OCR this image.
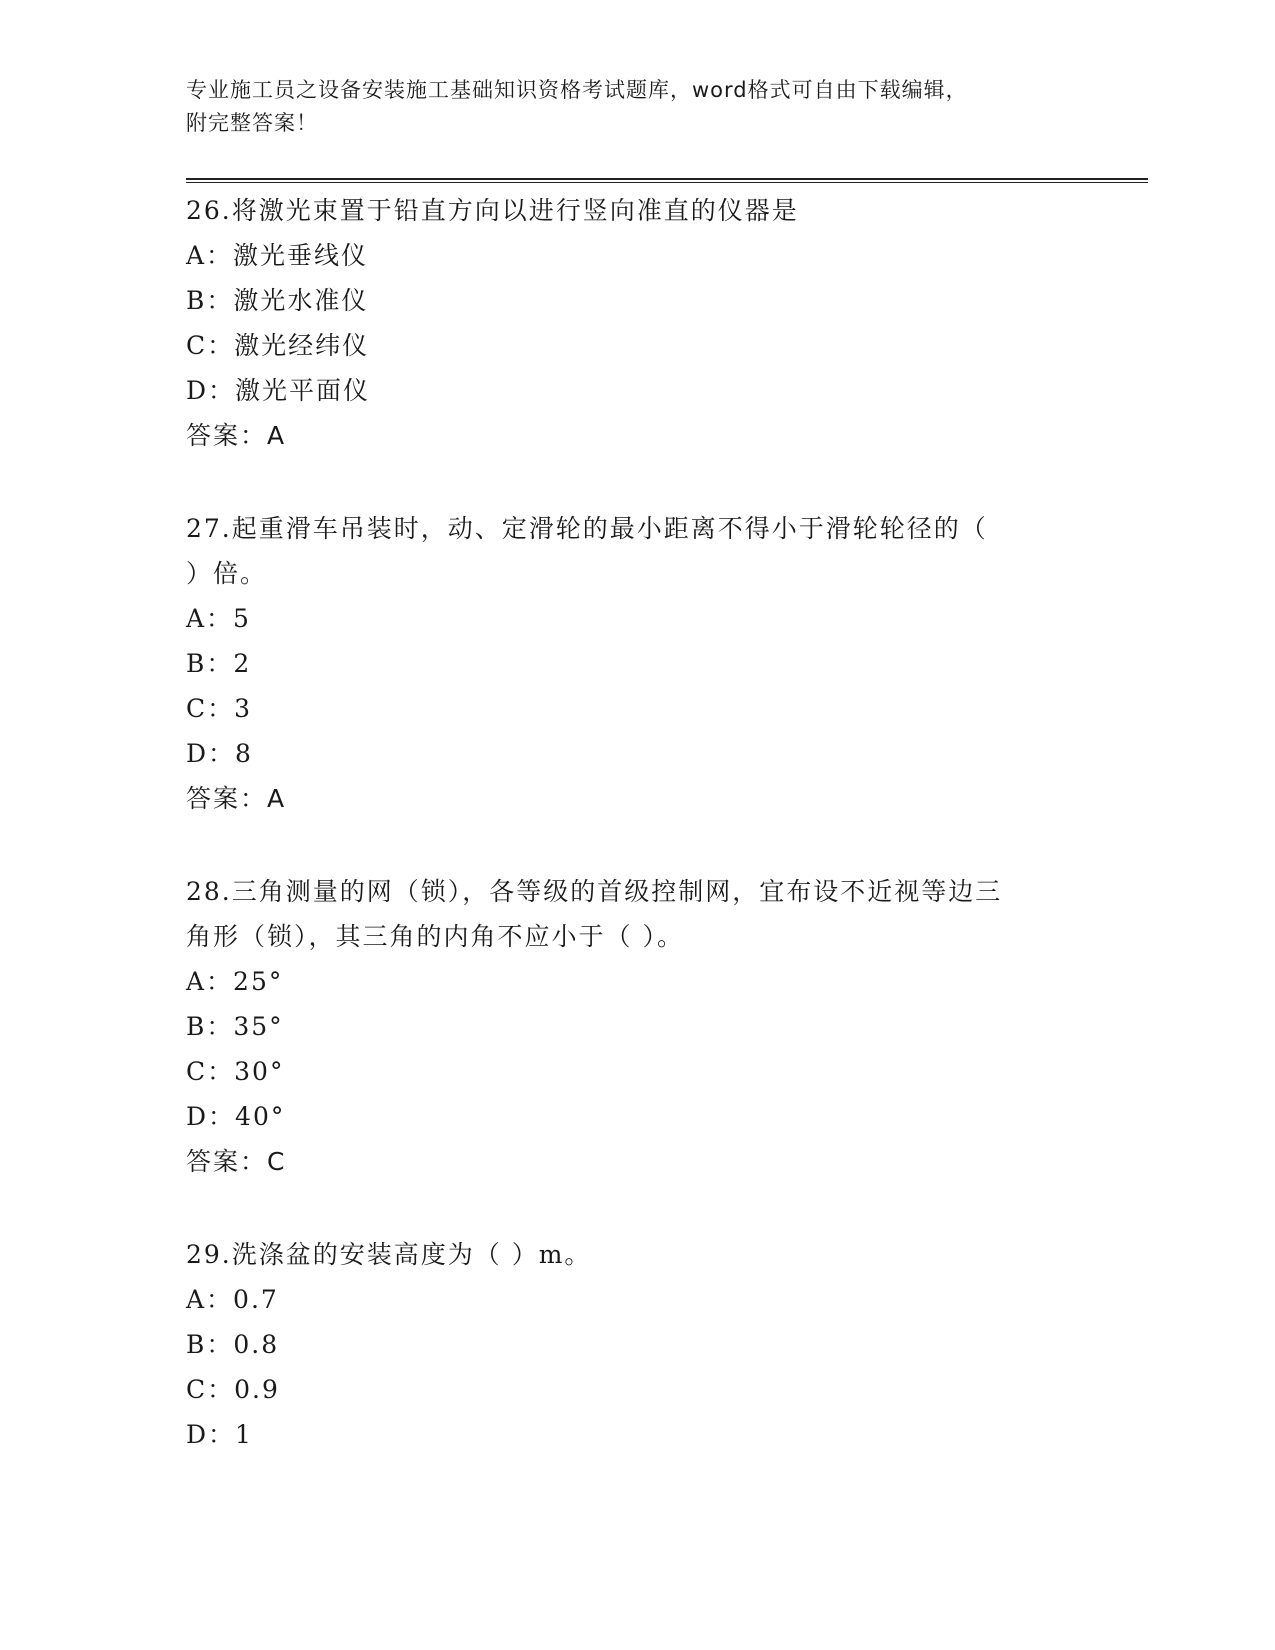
专业施工员之设备安装施工基础知识资格考试题库，word格式可自由下载编辑，
附完整答案！

26.将激光束置于铅直方向以进行竖向准直的仪器是

A：激光垂线仪

B：激光水准仪

C：激光经纬仪

D：激光平面仪

答案：A

27.起重滑车吊装时，动、定滑轮的最小距离不得小于滑轮轮径的（

）倍。

A：5

B：2

C：3

D：8

答案：A

28.三角测量的网（锁），各等级的首级控制网，宜布设不近视等边三

角形（锁），其三角的内角不应小于（ ）。

A：25°

B：35°

C：30°

D：40°

答案：C

29.洗涤盆的安装高度为（ ）m。

A：0.7

B：0.8

C：0.9

D：1
